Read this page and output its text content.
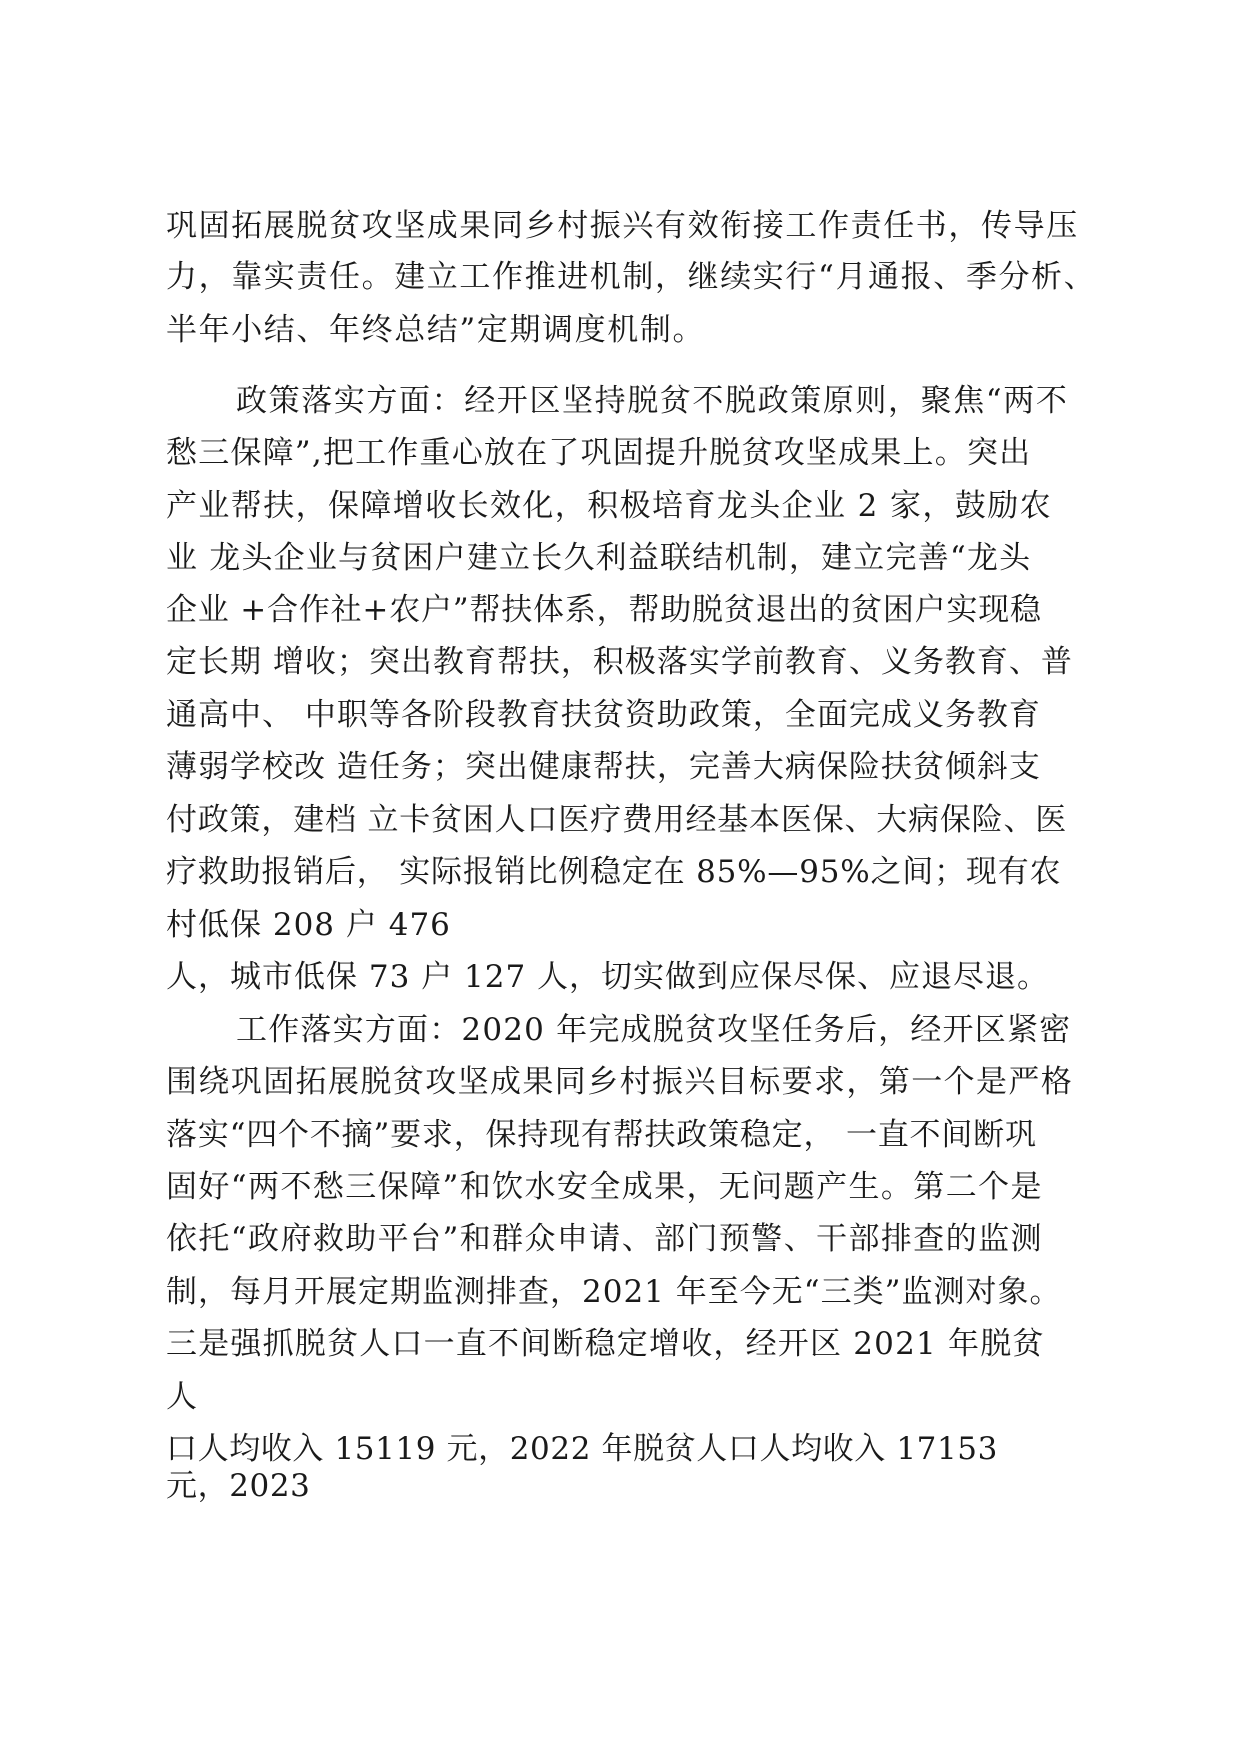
巩固拓展脱贫攻坚成果同乡村振兴有效衔接工作责任书，传导压

力，靠实责任。建立工作推进机制，继续实行“月通报、季分析、

半年小结、年终总结”定期调度机制。

政策落实方面：经开区坚持脱贫不脱政策原则，聚焦“两不

愁三保障”,把工作重心放在了巩固提升脱贫攻坚成果上。突出

产业帮扶，保障增收长效化，积极培育龙头企业 2 家，鼓励农

业 龙头企业与贫困户建立长久利益联结机制，建立完善“龙头

企业 +合作社+农户”帮扶体系，帮助脱贫退出的贫困户实现稳

定长期 增收；突出教育帮扶，积极落实学前教育、义务教育、普

通高中、 中职等各阶段教育扶贫资助政策，全面完成义务教育

薄弱学校改 造任务；突出健康帮扶，完善大病保险扶贫倾斜支

付政策，建档 立卡贫困人口医疗费用经基本医保、大病保险、医

疗救助报销后， 实际报销比例稳定在 85%—95%之间；现有农

村低保 208 户 476

人，城市低保 73 户 127 人，切实做到应保尽保、应退尽退。

工作落实方面：2020 年完成脱贫攻坚任务后，经开区紧密

围绕巩固拓展脱贫攻坚成果同乡村振兴目标要求，第一个是严格

落实“四个不摘”要求，保持现有帮扶政策稳定， 一直不间断巩

固好“两不愁三保障”和饮水安全成果，无问题产生。第二个是

依托“政府救助平台”和群众申请、部门预警、干部排查的监测

制，每月开展定期监测排查，2021 年至今无“三类”监测对象。

三是强抓脱贫人口一直不间断稳定增收，经开区 2021 年脱贫

人

口人均收入 15119 元，2022 年脱贫人口人均收入 17153

元，2023
